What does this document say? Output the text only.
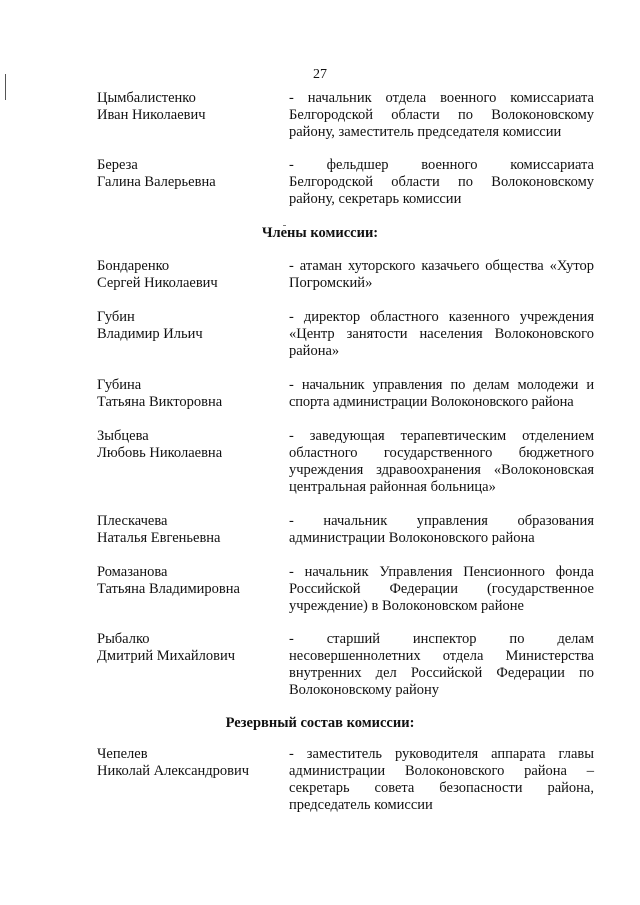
27
Цымбалистенко
Иван Николаевич
- начальник отдела военного комиссариата Белгородской области по Волоконовскому району, заместитель председателя комиссии
Береза
Галина Валерьевна
- фельдшер военного комиссариата Белгородской области по Волоконовскому району, секретарь комиссии
Члены комиссии:
Бондаренко
Сергей Николаевич
- атаман хуторского казачьего общества «Хутор Погромский»
Губин
Владимир Ильич
- директор областного казенного учреждения «Центр занятости населения Волоконовского района»
Губина
Татьяна Викторовна
- начальник управления по делам молодежи и спорта администрации Волоконовского района
Зыбцева
Любовь Николаевна
- заведующая терапевтическим отделением областного государственного бюджетного учреждения здравоохранения «Волоконовская центральная районная больница»
Плескачева
Наталья Евгеньевна
- начальник управления образования администрации Волоконовского района
Ромазанова
Татьяна Владимировна
- начальник Управления Пенсионного фонда Российской Федерации (государственное учреждение) в Волоконовском районе
Рыбалко
Дмитрий Михайлович
- старший инспектор по делам несовершеннолетних отдела Министерства внутренних дел Российской Федерации по Волоконовскому району
Резервный состав комиссии:
Чепелев
Николай Александрович
- заместитель руководителя аппарата главы администрации Волоконовского района – секретарь совета безопасности района, председатель комиссии
